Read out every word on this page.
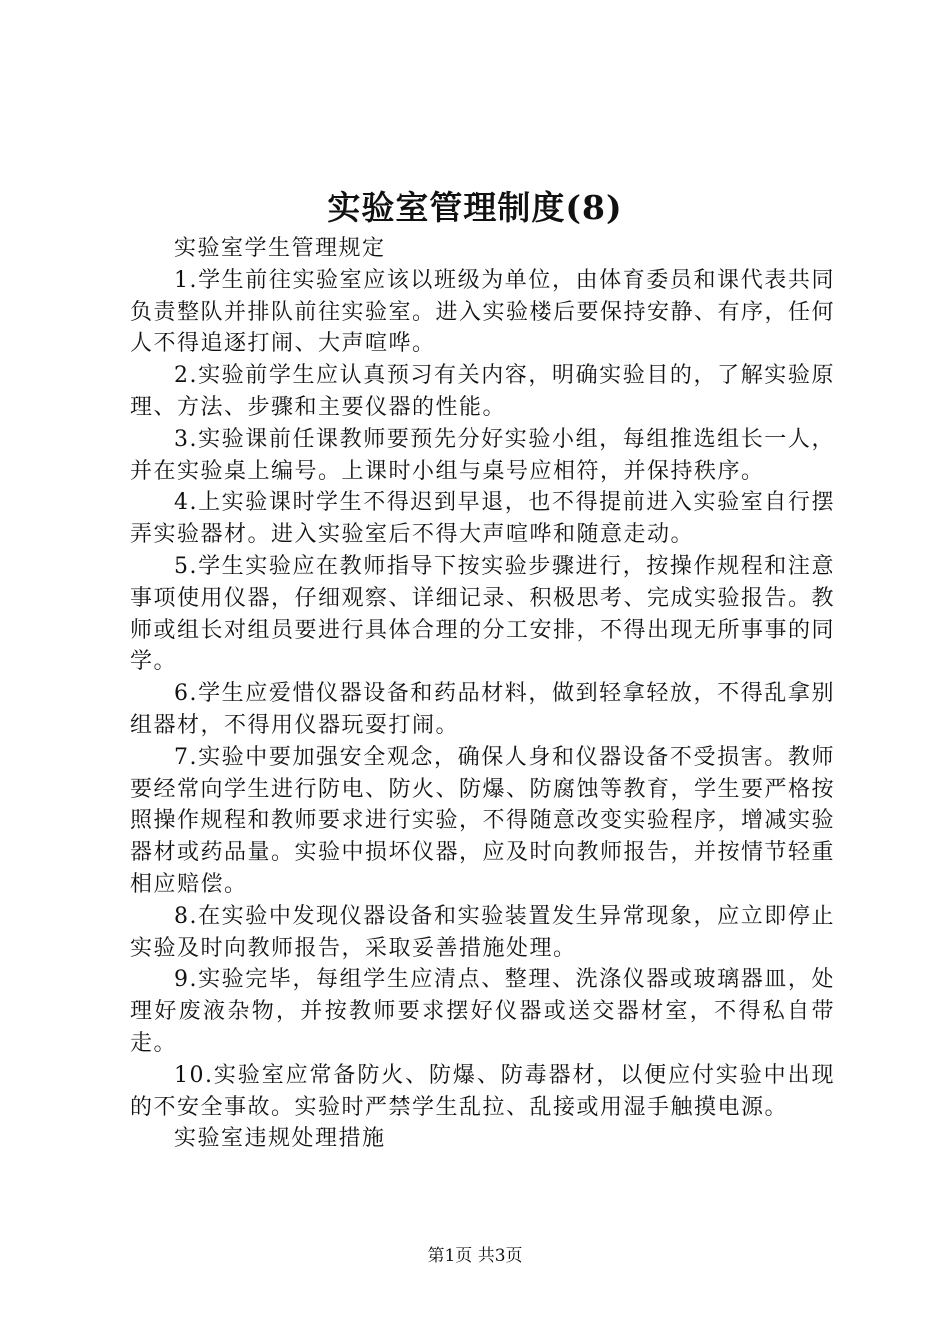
实验室管理制度(8)

实验室学生管理规定

1.学生前往实验室应该以班级为单位，由体育委员和课代表共同负责整队并排队前往实验室。进入实验楼后要保持安静、有序，任何人不得追逐打闹、大声喧哗。

2.实验前学生应认真预习有关内容，明确实验目的，了解实验原理、方法、步骤和主要仪器的性能。

3.实验课前任课教师要预先分好实验小组，每组推选组长一人，并在实验桌上编号。上课时小组与桌号应相符，并保持秩序。

4.上实验课时学生不得迟到早退，也不得提前进入实验室自行摆弄实验器材。进入实验室后不得大声喧哗和随意走动。

5.学生实验应在教师指导下按实验步骤进行，按操作规程和注意事项使用仪器，仔细观察、详细记录、积极思考、完成实验报告。教师或组长对组员要进行具体合理的分工安排，不得出现无所事事的同学。

6.学生应爱惜仪器设备和药品材料，做到轻拿轻放，不得乱拿别组器材，不得用仪器玩耍打闹。

7.实验中要加强安全观念，确保人身和仪器设备不受损害。教师要经常向学生进行防电、防火、防爆、防腐蚀等教育，学生要严格按照操作规程和教师要求进行实验，不得随意改变实验程序，增减实验器材或药品量。实验中损坏仪器，应及时向教师报告，并按情节轻重相应赔偿。

8.在实验中发现仪器设备和实验装置发生异常现象，应立即停止实验及时向教师报告，采取妥善措施处理。

9.实验完毕，每组学生应清点、整理、洗涤仪器或玻璃器皿，处理好废液杂物，并按教师要求摆好仪器或送交器材室，不得私自带走。

10.实验室应常备防火、防爆、防毒器材，以便应付实验中出现的不安全事故。实验时严禁学生乱拉、乱接或用湿手触摸电源。

实验室违规处理措施

第1页 共3页
